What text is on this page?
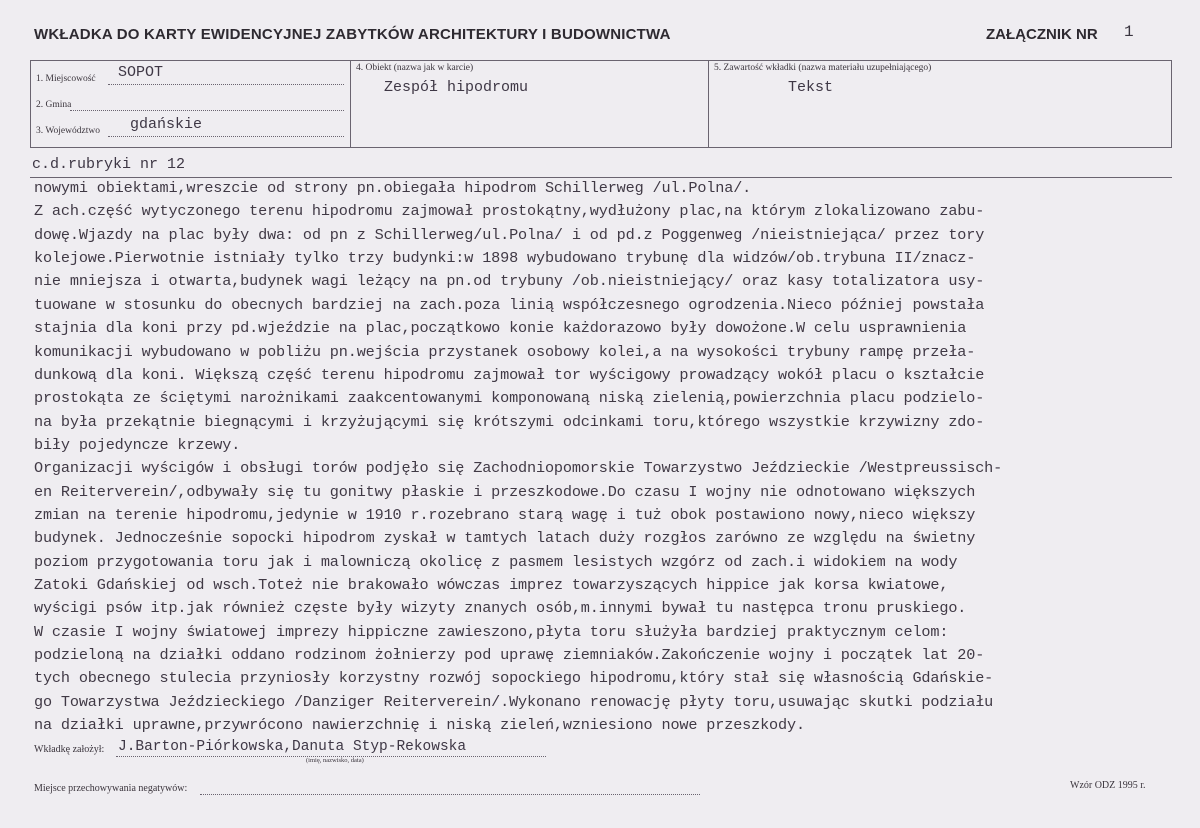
WKŁADKA DO KARTY EWIDENCYJNEJ ZABYTKÓW ARCHITEKTURY I BUDOWNICTWA	ZAŁĄCZNIK NR 1
1. Miejscowość SOPOT
2. Gmina
3. Województwo gdańskie
4. Obiekt (nazwa jak w karcie)
Zespół hipodromu
5. Zawartość wkładki (nazwa materiału uzupełniającego)
Tekst
c.d.rubryki nr 12
nowymi obiektami,wreszcie od strony pn.obiegała hipodrom Schillerweg /ul.Polna/.
Z ach.część wytyczonego terenu hipodromu zajmował prostokątny,wydłużony plac,na którym zlokalizowano zabu-
dowę.Wjazdy na plac były dwa: od pn z Schillerweg/ul.Polna/ i od pd.z Poggenweg /nieistniejąca/ przez tory
kolejowe.Pierwotnie istniały tylko trzy budynki:w 1898 wybudowano trybunę dla widzów/ob.trybuna II/znacz-
nie mniejsza i otwarta,budynek wagi leżący na pn.od trybuny /ob.nieistniejący/ oraz kasy totalizatora usy-
tuowane w stosunku do obecnych bardziej na zach.poza linią współczesnego ogrodzenia.Nieco później powstała
stajnia dla koni przy pd.wjeździe na plac,początkowo konie każdorazowo były dowożone.W celu usprawnienia
komunikacji wybudowano w pobliżu pn.wejścia przystanek osobowy kolei,a na wysokości trybuny rampę przeła-
dunkową dla koni. Większą część terenu hipodromu zajmował tor wyścigowy prowadzący wokół placu o kształcie
prostokąta ze ściętymi narożnikami zaakcentowanymi komponowaną niską zielenią,powierzchnia placu podzielo-
na była przekątnie biegnącymi i krzyżującymi się krótszymi odcinkami toru,którego wszystkie krzywizny zdo-
biły pojedyncze krzewy.
Organizacji wyścigów i obsługi torów podjęło się Zachodniopomorskie Towarzystwo Jeździeckie /Westpreussisch-
en Reiterverein/,odbywały się tu gonitwy płaskie i przeszkodowe.Do czasu I wojny nie odnotowano większych
zmian na terenie hipodromu,jedynie w 1910 r.rozebrano starą wagę i tuż obok postawiono nowy,nieco większy
budynek. Jednocześnie sopocki hipodrom zyskał w tamtych latach duży rozgłos zarówno ze względu na świetny
poziom przygotowania toru jak i malowniczą okolicę z pasmem lesistych wzgórz od zach.i widokiem na wody
Zatoki Gdańskiej od wsch.Toteż nie brakowało wówczas imprez towarzyszących hippice jak korsa kwiatowe,
wyścigi psów itp.jak również częste były wizyty znanych osób,m.innymi bywał tu następca tronu pruskiego.
W czasie I wojny światowej imprezy hippiczne zawieszono,płyta toru służyła bardziej praktycznym celom:
podzieloną na działki oddano rodzinom żołnierzy pod uprawę ziemniaków.Zakończenie wojny i początek lat 20-
tych obecnego stulecia przyniosły korzystny rozwój sopockiego hipodromu,który stał się własnością Gdańskie-
go Towarzystwa Jeździeckiego /Danziger Reiterverein/.Wykonano renowację płyty toru,usuwając skutki podziału
na działki uprawne,przywrócono nawierzchnię i niską zieleń,wzniesiono nowe przeszkody.
Wkładkę założył: J.Barton-Piórkowska,Danuta Styp-Rekowska
(imię, nazwisko, data)
Miejsce przechowywania negatywów:	Wzór ODZ 1995 r.
